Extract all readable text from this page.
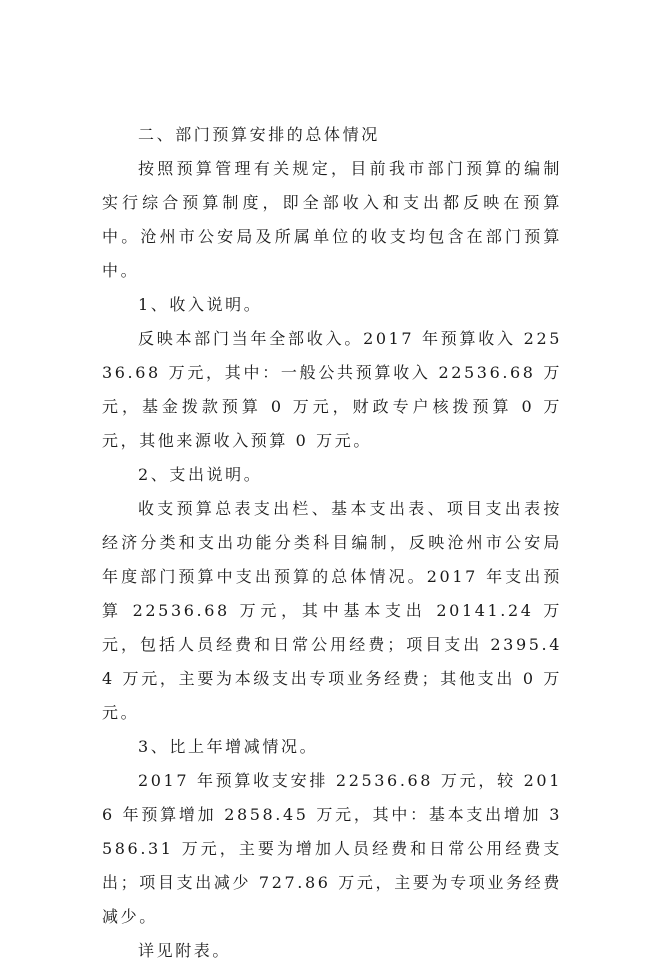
二、部门预算安排的总体情况

按照预算管理有关规定，目前我市部门预算的编制实行综合预算制度，即全部收入和支出都反映在预算中。沧州市公安局及所属单位的收支均包含在部门预算中。

1、收入说明。

反映本部门当年全部收入。2017 年预算收入 22536.68 万元，其中：一般公共预算收入 22536.68 万元，基金拨款预算 0 万元，财政专户核拨预算 0 万元，其他来源收入预算 0 万元。

2、支出说明。

收支预算总表支出栏、基本支出表、项目支出表按经济分类和支出功能分类科目编制，反映沧州市公安局年度部门预算中支出预算的总体情况。2017 年支出预算 22536.68 万元，其中基本支出 20141.24 万元，包括人员经费和日常公用经费；项目支出 2395.44 万元，主要为本级支出专项业务经费；其他支出 0 万元。

3、比上年增减情况。

2017 年预算收支安排 22536.68 万元，较 2016 年预算增加 2858.45 万元，其中：基本支出增加 3586.31 万元，主要为增加人员经费和日常公用经费支出；项目支出减少 727.86 万元，主要为专项业务经费减少。

详见附表。
